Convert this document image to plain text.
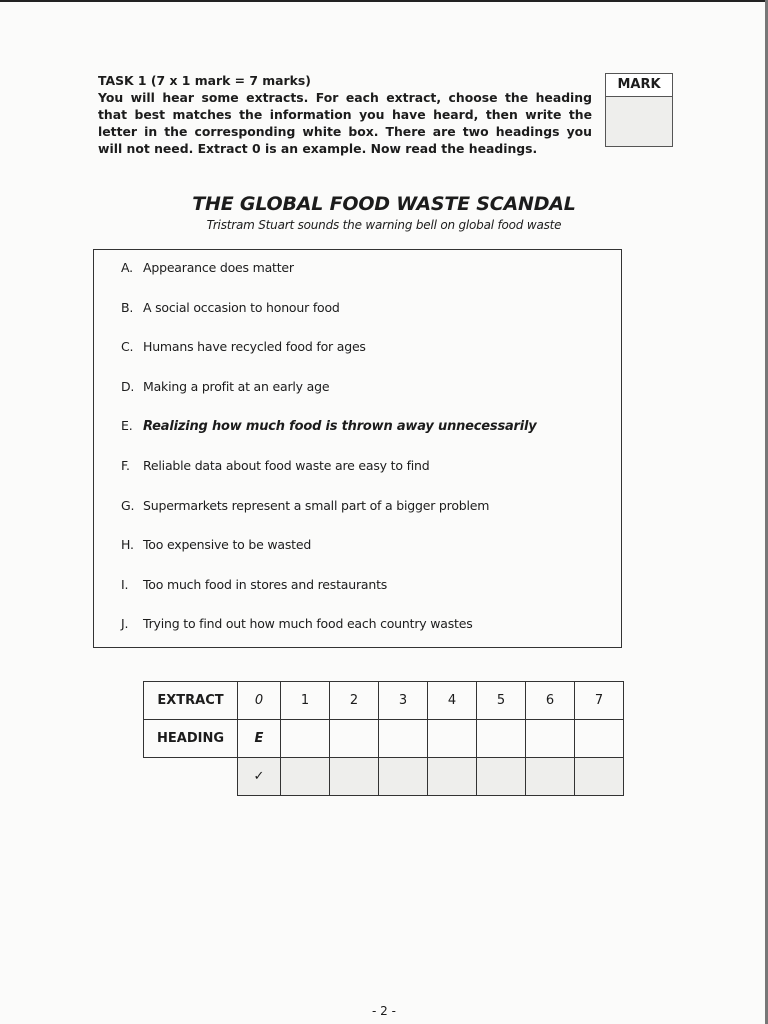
TASK 1 (7 x 1 mark = 7 marks)

You will hear some extracts. For each extract, choose the heading that best matches the information you have heard, then write the letter in the corresponding white box. There are two headings you will not need. Extract 0 is an example. Now read the headings.

MARK
THE GLOBAL FOOD WASTE SCANDAL
Tristram Stuart sounds the warning bell on global food waste
A. Appearance does matter
B. A social occasion to honour food
C. Humans have recycled food for ages
D. Making a profit at an early age
E. Realizing how much food is thrown away unnecessarily
F. Reliable data about food waste are easy to find
G. Supermarkets represent a small part of a bigger problem
H. Too expensive to be wasted
I. Too much food in stores and restaurants
J. Trying to find out how much food each country wastes
EXTRACT	0	1	2	3	4	5	6	7
HEADING	E							
	✓							
- 2 -
